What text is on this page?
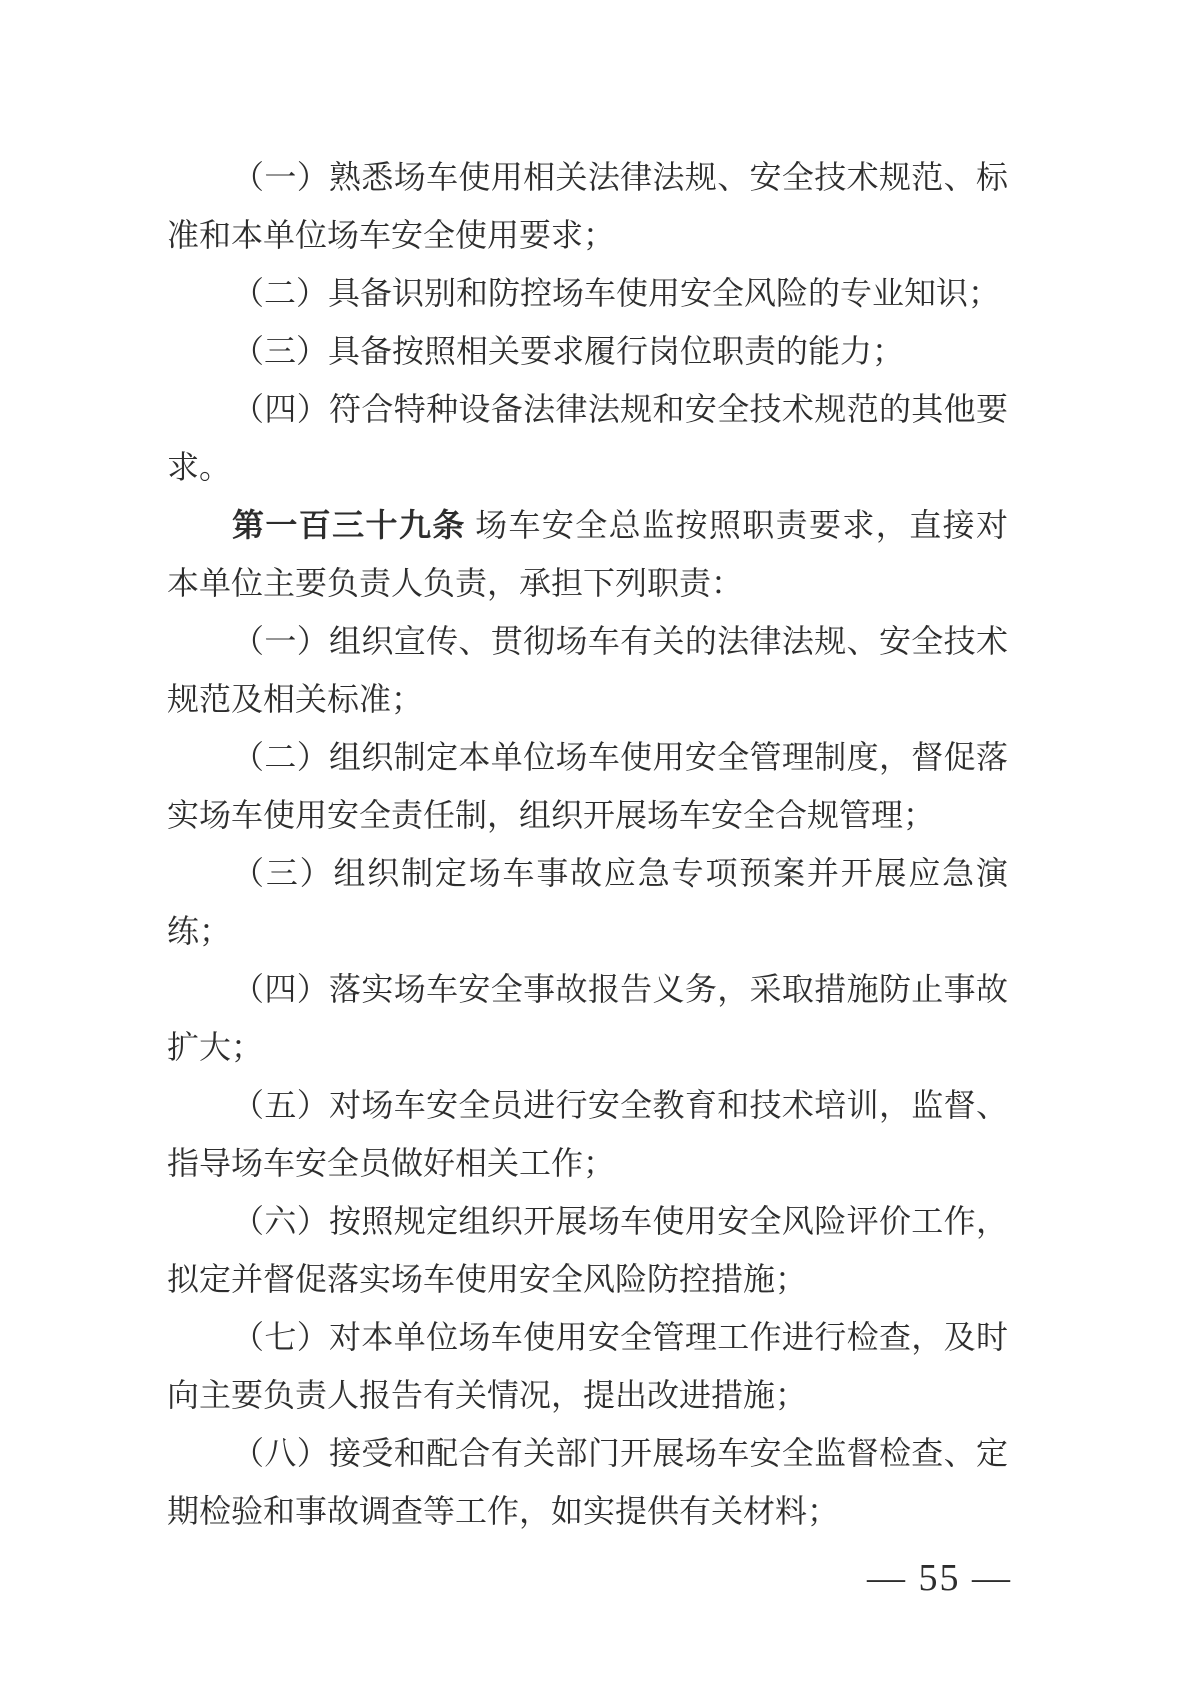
（一）熟悉场车使用相关法律法规、安全技术规范、标
准和本单位场车安全使用要求；
（二）具备识别和防控场车使用安全风险的专业知识；
（三）具备按照相关要求履行岗位职责的能力；
（四）符合特种设备法律法规和安全技术规范的其他要
求。
第一百三十九条 场车安全总监按照职责要求，直接对
本单位主要负责人负责，承担下列职责：
（一）组织宣传、贯彻场车有关的法律法规、安全技术
规范及相关标准；
（二）组织制定本单位场车使用安全管理制度，督促落
实场车使用安全责任制，组织开展场车安全合规管理；
（三）组织制定场车事故应急专项预案并开展应急演
练；
（四）落实场车安全事故报告义务，采取措施防止事故
扩大；
（五）对场车安全员进行安全教育和技术培训，监督、
指导场车安全员做好相关工作；
（六）按照规定组织开展场车使用安全风险评价工作，
拟定并督促落实场车使用安全风险防控措施；
（七）对本单位场车使用安全管理工作进行检查，及时
向主要负责人报告有关情况，提出改进措施；
（八）接受和配合有关部门开展场车安全监督检查、定
期检验和事故调查等工作，如实提供有关材料；
— 55 —
